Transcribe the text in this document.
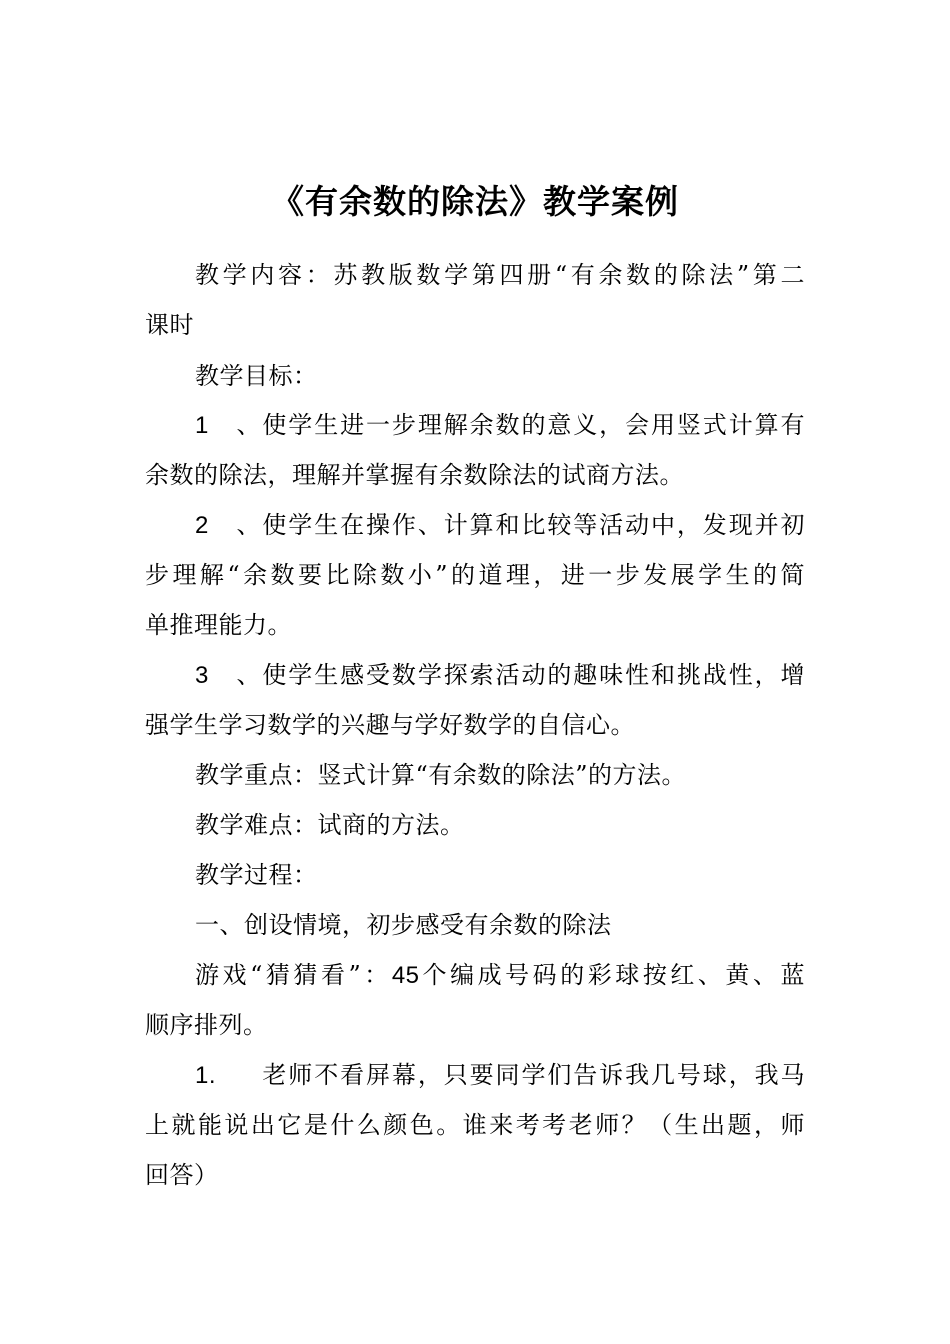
《有余数的除法》教学案例
教学内容：苏教版数学第四册“有余数的除法”第二
课时
教学目标：
1、使学生进一步理解余数的意义，会用竖式计算有
余数的除法，理解并掌握有余数除法的试商方法。
2、使学生在操作、计算和比较等活动中，发现并初
步理解“余数要比除数小”的道理，进一步发展学生的简
单推理能力。
3、使学生感受数学探索活动的趣味性和挑战性，增
强学生学习数学的兴趣与学好数学的自信心。
教学重点：竖式计算“有余数的除法”的方法。
教学难点：试商的方法。
教学过程：
一、创设情境，初步感受有余数的除法
游戏“猜猜看”：45个编成号码的彩球按红、黄、蓝
顺序排列。
1. 老师不看屏幕，只要同学们告诉我几号球，我马
上就能说出它是什么颜色。谁来考考老师？（生出题，师
回答）
